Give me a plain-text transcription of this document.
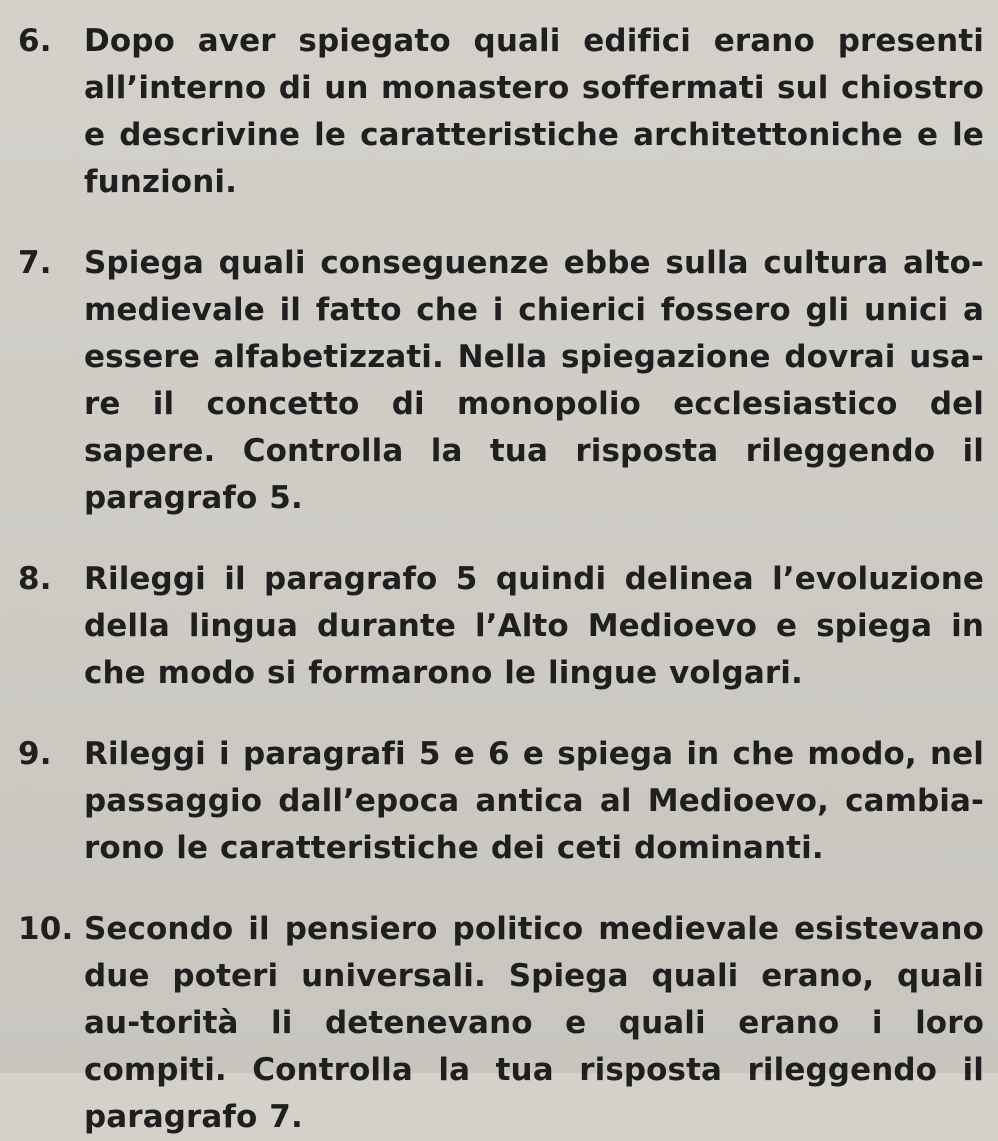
6.	Dopo aver spiegato quali edifici erano presenti all’interno di un monastero soffermati sul chiostro e descrivine le caratteristiche architettoniche e le funzioni.
7.	Spiega quali conseguenze ebbe sulla cultura alto-medievale il fatto che i chierici fossero gli unici a essere alfabetizzati. Nella spiegazione dovrai usa-re il concetto di monopolio ecclesiastico del sapere. Controlla la tua risposta rileggendo il paragrafo 5.
8.	Rileggi il paragrafo 5 quindi delinea l’evoluzione della lingua durante l’Alto Medioevo e spiega in che modo si formarono le lingue volgari.
9.	Rileggi i paragrafi 5 e 6 e spiega in che modo, nel passaggio dall’epoca antica al Medioevo, cambia-rono le caratteristiche dei ceti dominanti.
10. Secondo il pensiero politico medievale esistevano due poteri universali. Spiega quali erano, quali au-torità li detenevano e quali erano i loro compiti. Controlla la tua risposta rileggendo il paragrafo 7.
